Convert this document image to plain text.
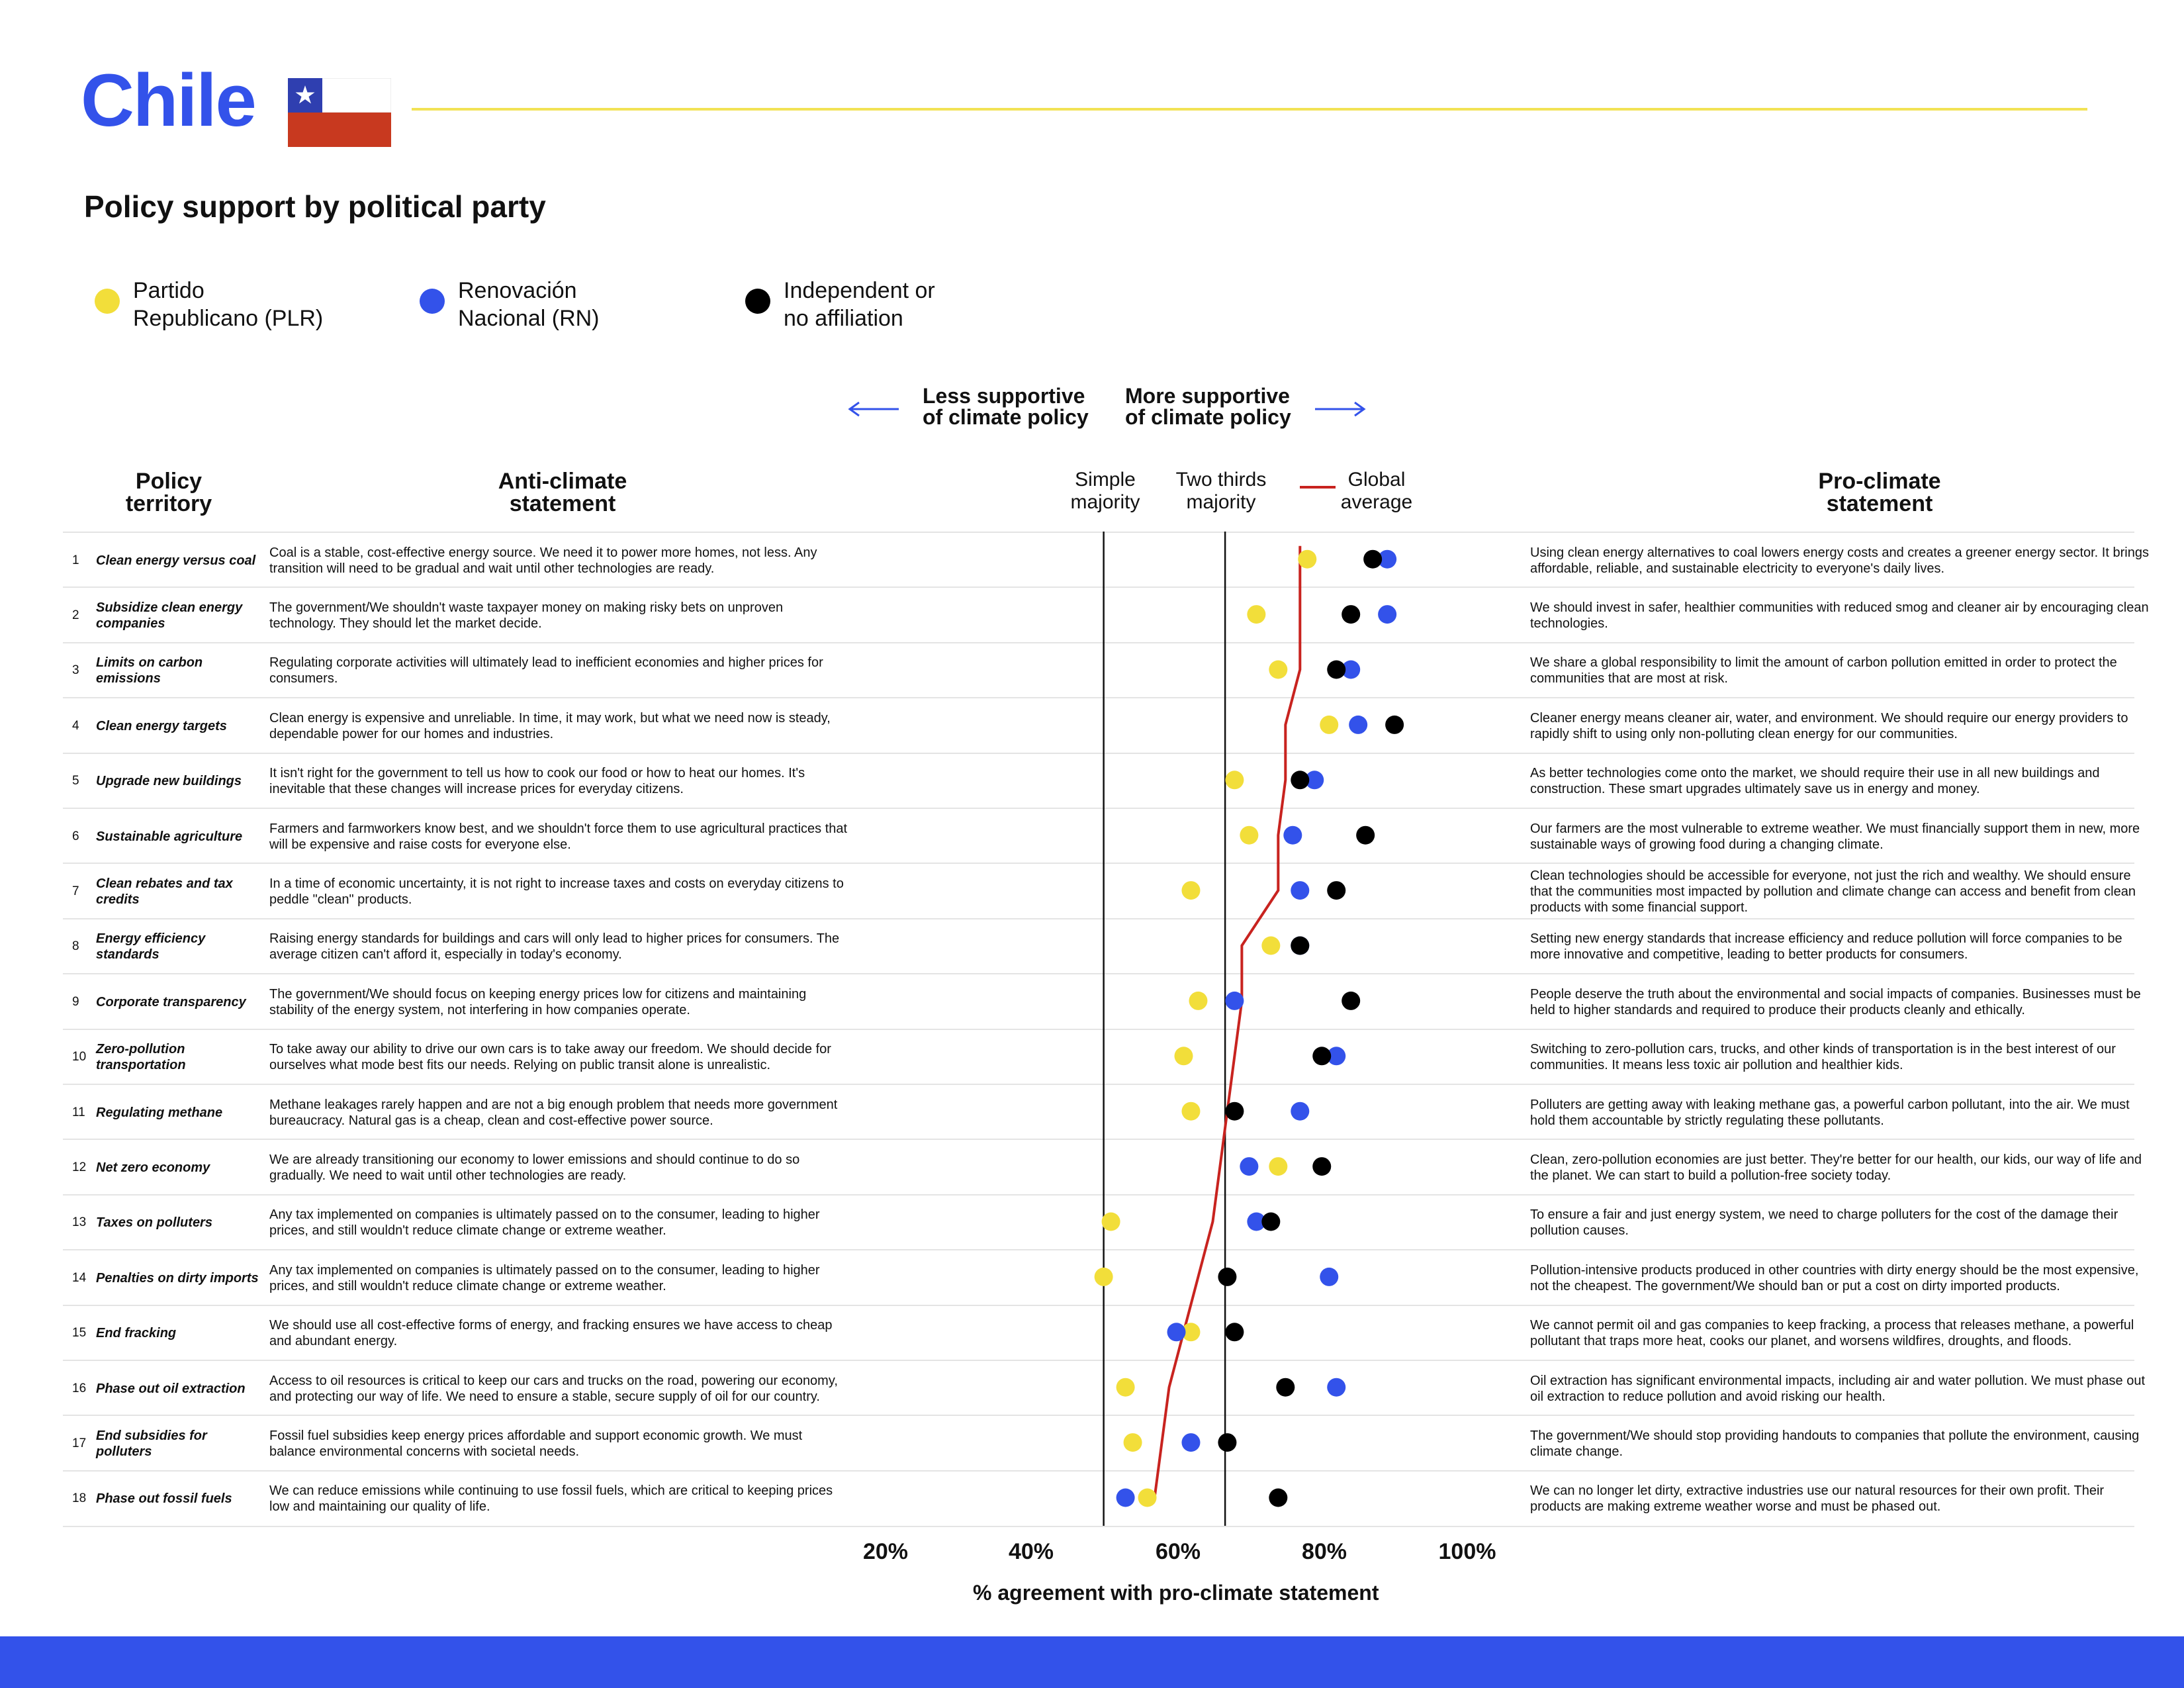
Chile
Policy support by political party
Partido Republicano (PLR)
Renovación Nacional (RN)
Independent or no affiliation
Less supportive of climate policy
More supportive of climate policy
Policy territory
Anti-climate statement
Simple majority
Two thirds majority
Global average
Pro-climate statement
1 Clean energy versus coal
Coal is a stable, cost-effective energy source. We need it to power more homes, not less. Any transition will need to be gradual and wait until other technologies are ready.
Using clean energy alternatives to coal lowers energy costs and creates a greener energy sector. It brings affordable, reliable, and sustainable electricity to everyone's daily lives.
2
Subsidize clean energy companies
The government/We shouldn't waste taxpayer money on making risky bets on unproven technology. They should let the market decide.
We should invest in safer, healthier communities with reduced smog and cleaner air by encouraging clean technologies.
3
Limits on carbon emissions
Regulating corporate activities will ultimately lead to inefficient economies and higher prices for consumers.
We share a global responsibility to limit the amount of carbon pollution emitted in order to protect the communities that are most at risk.
4 Clean energy targets
Clean energy is expensive and unreliable. In time, it may work, but what we need now is steady, dependable power for our homes and industries.
Cleaner energy means cleaner air, water, and environment. We should require our energy providers to rapidly shift to using only non-polluting clean energy for our communities.
5 Upgrade new buildings
It isn't right for the government to tell us how to cook our food or how to heat our homes. It's inevitable that these changes will increase prices for everyday citizens.
As better technologies come onto the market, we should require their use in all new buildings and construction. These smart upgrades ultimately save us in energy and money.
6 Sustainable agriculture
Farmers and farmworkers know best, and we shouldn't force them to use agricultural practices that will be expensive and raise costs for everyone else.
Our farmers are the most vulnerable to extreme weather. We must financially support them in new, more sustainable ways of growing food during a changing climate.
7
Clean rebates and tax credits
In a time of economic uncertainty, it is not right to increase taxes and costs on everyday citizens to peddle "clean" products.
Clean technologies should be accessible for everyone, not just the rich and wealthy. We should ensure that the communities most impacted by pollution and climate change can access and benefit from clean products with some financial support.
8
Energy efficiency standards
Raising energy standards for buildings and cars will only lead to higher prices for consumers. The average citizen can't afford it, especially in today's economy.
Setting new energy standards that increase efficiency and reduce pollution will force companies to be more innovative and competitive, leading to better products for consumers.
9 Corporate transparency
The government/We should focus on keeping energy prices low for citizens and maintaining stability of the energy system, not interfering in how companies operate.
People deserve the truth about the environmental and social impacts of companies. Businesses must be held to higher standards and required to produce their products cleanly and ethically.
10
Zero-pollution transportation
To take away our ability to drive our own cars is to take away our freedom. We should decide for ourselves what mode best fits our needs. Relying on public transit alone is unrealistic.
Switching to zero-pollution cars, trucks, and other kinds of transportation is in the best interest of our communities. It means less toxic air pollution and healthier kids.
11 Regulating methane
Methane leakages rarely happen and are not a big enough problem that needs more government bureaucracy. Natural gas is a cheap, clean and cost-effective power source.
Polluters are getting away with leaking methane gas, a powerful carbon pollutant, into the air. We must hold them accountable by strictly regulating these pollutants.
12 Net zero economy
We are already transitioning our economy to lower emissions and should continue to do so gradually. We need to wait until other technologies are ready.
Clean, zero-pollution economies are just better. They're better for our health, our kids, our way of life and the planet. We can start to build a pollution-free society today.
13 Taxes on polluters
Any tax implemented on companies is ultimately passed on to the consumer, leading to higher prices, and still wouldn't reduce climate change or extreme weather.
To ensure a fair and just energy system, we need to charge polluters for the cost of the damage their pollution causes.
14 Penalties on dirty imports
Any tax implemented on companies is ultimately passed on to the consumer, leading to higher prices, and still wouldn't reduce climate change or extreme weather.
Pollution-intensive products produced in other countries with dirty energy should be the most expensive, not the cheapest. The government/We should ban or put a cost on dirty imported products.
15 End fracking
We should use all cost-effective forms of energy, and fracking ensures we have access to cheap and abundant energy.
We cannot permit oil and gas companies to keep fracking, a process that releases methane, a powerful pollutant that traps more heat, cooks our planet, and worsens wildfires, droughts, and floods.
16 Phase out oil extraction
Access to oil resources is critical to keep our cars and trucks on the road, powering our economy, and protecting our way of life. We need to ensure a stable, secure supply of oil for our country.
Oil extraction has significant environmental impacts, including air and water pollution. We must phase out oil extraction to reduce pollution and avoid risking our health.
17
End subsidies for polluters
Fossil fuel subsidies keep energy prices affordable and support economic growth. We must balance environmental concerns with societal needs.
The government/We should stop providing handouts to companies that pollute the environment, causing climate change.
18 Phase out fossil fuels
We can reduce emissions while continuing to use fossil fuels, which are critical to keeping prices low and maintaining our quality of life.
We can no longer let dirty, extractive industries use our natural resources for their own profit. Their products are making extreme weather worse and must be phased out.
20%	40%	60%	80%	100%
% agreement with pro-climate statement
